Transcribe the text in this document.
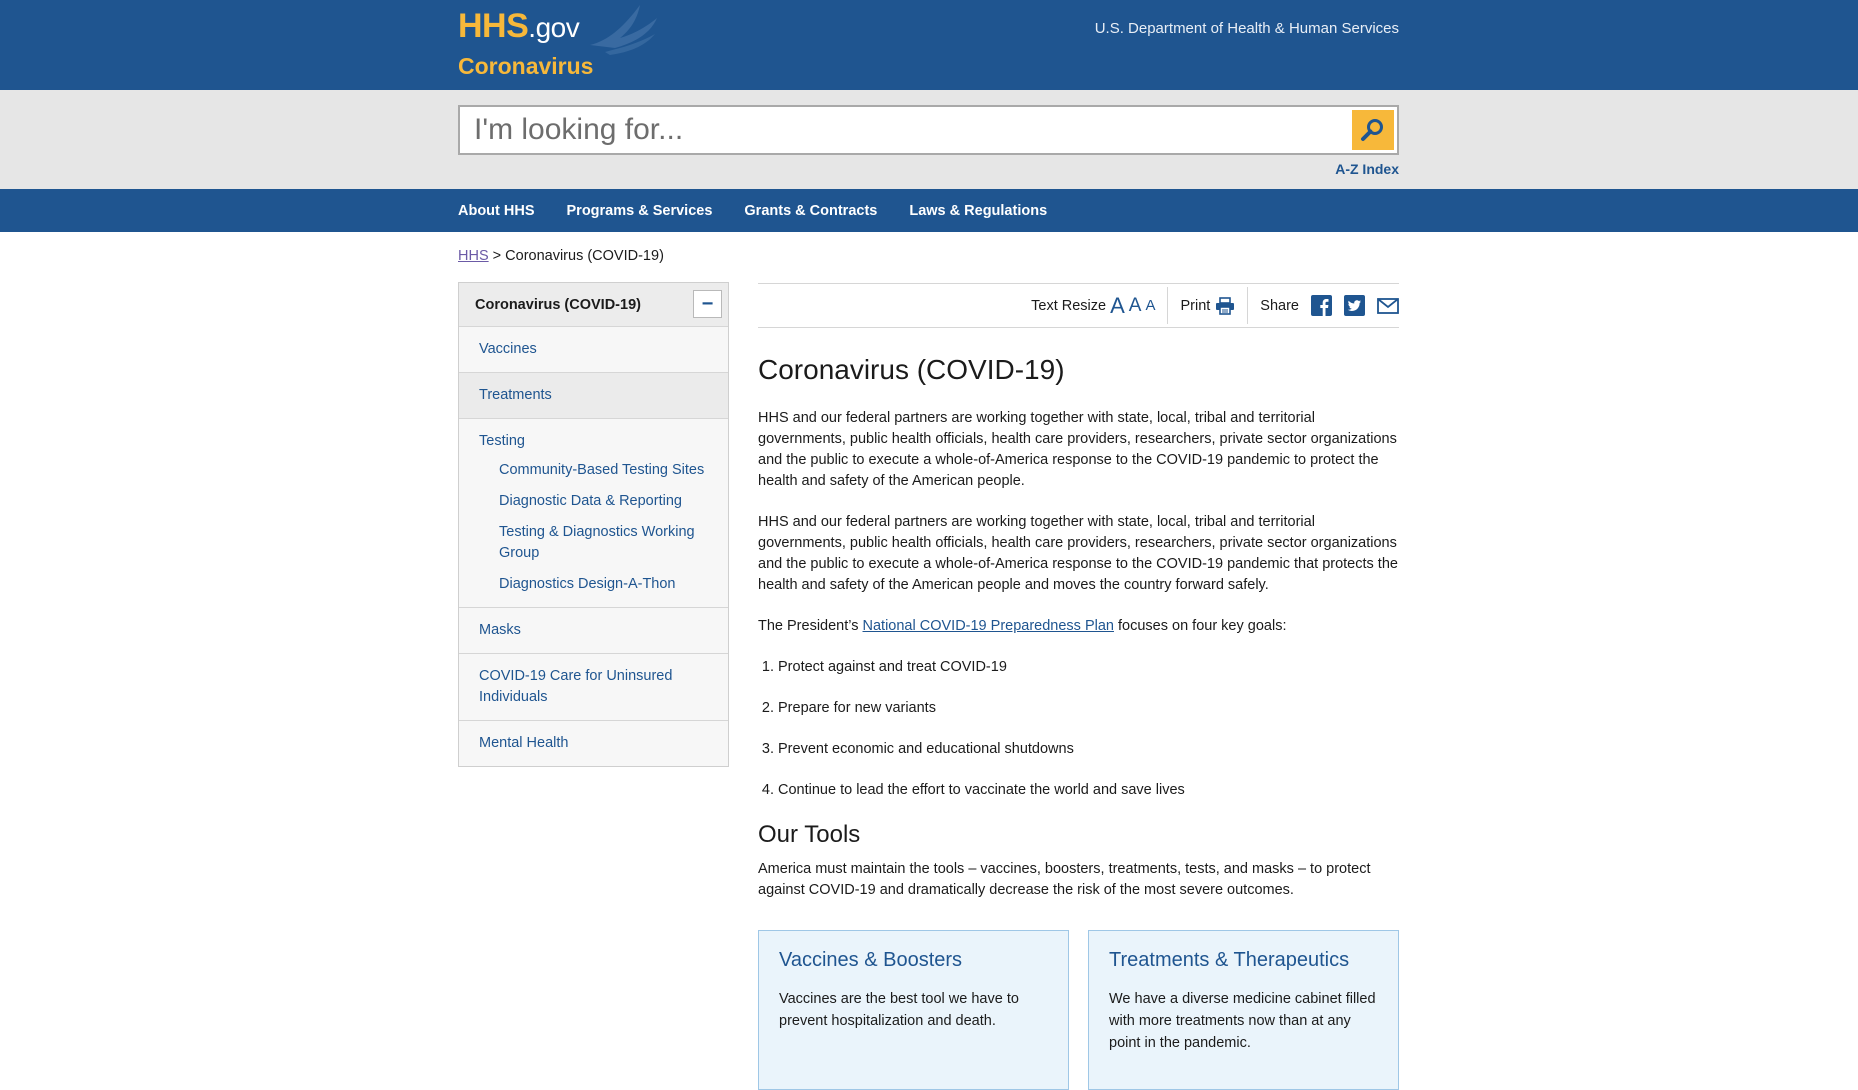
HHS.gov
Coronavirus
U.S. Department of Health & Human Services
I'm looking for...
A-Z Index
About HHS Programs & Services Grants & Contracts Laws & Regulations
HHS > Coronavirus (COVID-19)
Coronavirus (COVID-19)	−
Vaccines
Treatments
Testing
Community-Based Testing Sites
Diagnostic Data & Reporting
Testing & Diagnostics Working Group
Diagnostics Design-A-Thon
Masks
COVID-19 Care for Uninsured Individuals
Mental Health
Text Resize A A A Print	Share
Coronavirus (COVID-19)

HHS and our federal partners are working together with state, local, tribal and territorial governments, public health officials, health care providers, researchers, private sector organizations and the public to execute a whole-of-America response to the COVID-19 pandemic to protect the health and safety of the American people.

HHS and our federal partners are working together with state, local, tribal and territorial governments, public health officials, health care providers, researchers, private sector organizations and the public to execute a whole-of-America response to the COVID-19 pandemic that protects the health and safety of the American people and moves the country forward safely.

The President’s National COVID-19 Preparedness Plan focuses on four key goals:

1. Protect against and treat COVID-19
2. Prepare for new variants
3. Prevent economic and educational shutdowns
4. Continue to lead the effort to vaccinate the world and save lives
Our Tools

America must maintain the tools – vaccines, boosters, treatments, tests, and masks – to protect against COVID-19 and dramatically decrease the risk of the most severe outcomes.

Vaccines & Boosters

Vaccines are the best tool we have to prevent hospitalization and death.

Treatments & Therapeutics

We have a diverse medicine cabinet filled with more treatments now than at any point in the pandemic.
